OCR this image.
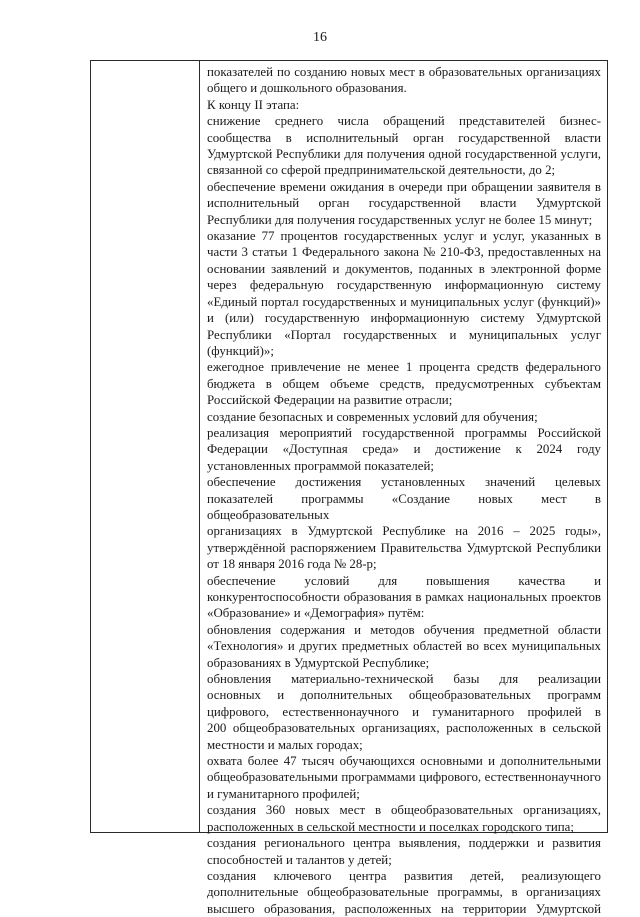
16
показателей по созданию новых мест в образовательных организациях
общего и дошкольного образования.
К концу II этапа:
снижение среднего числа обращений представителей бизнес-
сообщества в исполнительный орган государственной власти
Удмуртской Республики для получения одной государственной услуги,
связанной со сферой предпринимательской деятельности, до 2;
обеспечение времени ожидания в очереди при обращении заявителя в
исполнительный орган государственной власти Удмуртской
Республики для получения государственных услуг не более 15 минут;
оказание 77 процентов государственных услуг и услуг, указанных в
части 3 статьи 1 Федерального закона № 210-ФЗ, предоставленных на
основании заявлений и документов, поданных в электронной форме
через федеральную государственную информационную систему
«Единый портал государственных и муниципальных услуг (функций)»
и (или) государственную информационную систему Удмуртской
Республики «Портал государственных и муниципальных услуг
(функций)»;
ежегодное привлечение не менее 1 процента средств федерального
бюджета в общем объеме средств, предусмотренных субъектам
Российской Федерации на развитие отрасли;
создание безопасных и современных условий для обучения;
реализация мероприятий государственной программы Российской
Федерации «Доступная среда» и достижение к 2024 году
установленных программой показателей;
обеспечение достижения установленных значений целевых
показателей программы «Создание новых мест в общеобразовательных
организациях в Удмуртской Республике на 2016 – 2025 годы»,
утверждённой распоряжением Правительства Удмуртской Республики
от 18 января 2016 года № 28-р;
обеспечение условий для повышения качества и
конкурентоспособности образования в рамках национальных проектов
«Образование» и «Демография» путём:
обновления содержания и методов обучения предметной области
«Технология» и других предметных областей во всех муниципальных
образованиях в Удмуртской Республике;
обновления материально-технической базы для реализации
основных и дополнительных общеобразовательных программ
цифрового, естественнонаучного и гуманитарного профилей в
200 общеобразовательных организациях, расположенных в сельской
местности и малых городах;
охвата более 47 тысяч обучающихся основными и дополнительными
общеобразовательными программами цифрового, естественнонаучного
и гуманитарного профилей;
создания 360 новых мест в общеобразовательных организациях,
расположенных в сельской местности и поселках городского типа;
создания регионального центра выявления, поддержки и развития
способностей и талантов у детей;
создания ключевого центра развития детей, реализующего
дополнительные общеобразовательные программы, в организациях
высшего образования, расположенных на территории Удмуртской
